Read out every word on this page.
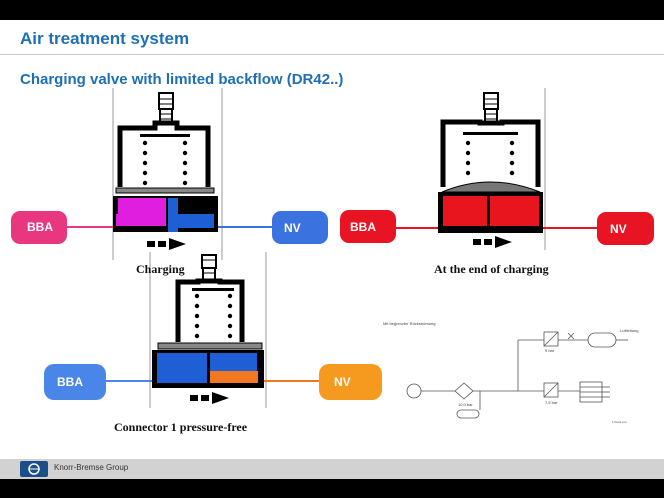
Air treatment system
Charging valve with limited backflow (DR42..)
BBA	NV	BBA	NV
BBA	NV
Mit begrenzter Rückströmung
Luftleitung
9 bar
10,0 bar	7,5 bar
1 Kreis pro
Charging	At the end of charging
Connector 1 pressure-free
Knorr-Bremse Group
